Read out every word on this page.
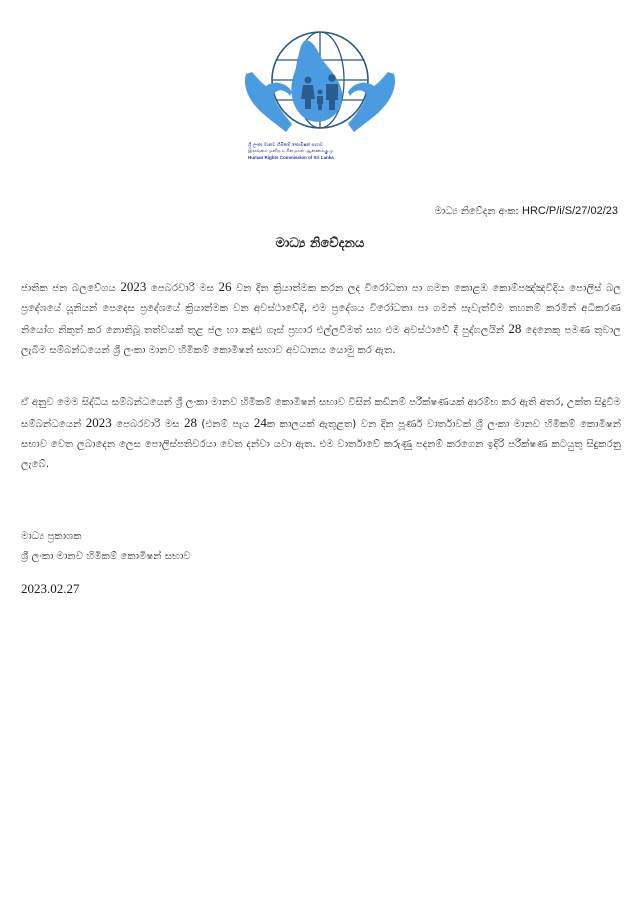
ශ්‍රී ලංකා මානව හිමිකම් කොමිෂන් සභාව
இலங்கை மனித உரிமைகள் ஆணைக்குழு
Human Rights Commission of Sri Lanka
මාධ්‍ය නිවේදන අංක: HRC/P/i/S/27/02/23
මාධ්‍ය නිවේදනය
ජාතික ජන බලවේගය 2023 පෙබරවාරි මස 26 වන දින ක්‍රියාත්මක කරන ලද විරෝධතා පා ගමන කොළඹ කොම්පඤ්ඤවීදිය පොලිස් බල ප්‍රදේශයේ යූනියන් පෙදෙස ප්‍රදේශයේ ක්‍රියාත්මක වන අවස්ථාවේදී, එම ප්‍රදේශය විරෝධතා පා ගමන් පැවැත්වීම තහනම් කරමින් අධිකරණ නියෝග නිකුත් කර නොතිබූ තත්වයක් තුළ ජල හා කඳුළු ගෑස් ප්‍රහාර එල්ලවීමත් සහ එම අවස්ථාවේ දී පුද්ගලයින් 28 දෙනෙකු පමණ තුවාල ලැබීම සම්බන්ධයෙන් ශ්‍රී ලංකා මානව හිමිකම් කොමිෂන් සභාව අවධානය යොමු කර ඇත.
ඒ අනුව මෙම සිද්ධිය සම්බන්ධයෙන් ශ්‍රී ලංකා මානව හිමිකම් කොමිෂන් සභාව විසින් කඩිනම් පරීක්ෂණයක් ආරම්භ කර ඇති අතර, උක්ත සිදුවීම සම්බන්ධයෙන් 2023 පෙබරවාරි මස 28 (එනම් පැය 24ක කාලයක් ඇතුළත) වන දින පූර්ණ වාර්තාවක් ශ්‍රී ලංකා මානව හිමිකම් කොමිෂන් සභාව වෙත ලබාදෙන ලෙස පොලිස්පතිවරයා වෙත දන්වා යවා ඇත. එම වාර්තාවේ කරුණු පදනම් කරගෙන ඉදිරි පරීක්ෂණ කටයුතු සිදුකරනු ලැබේ.
මාධ්‍ය ප්‍රකාශක
ශ්‍රී ලංකා මානව හිමිකම් කොමිෂන් සභාව
2023.02.27
